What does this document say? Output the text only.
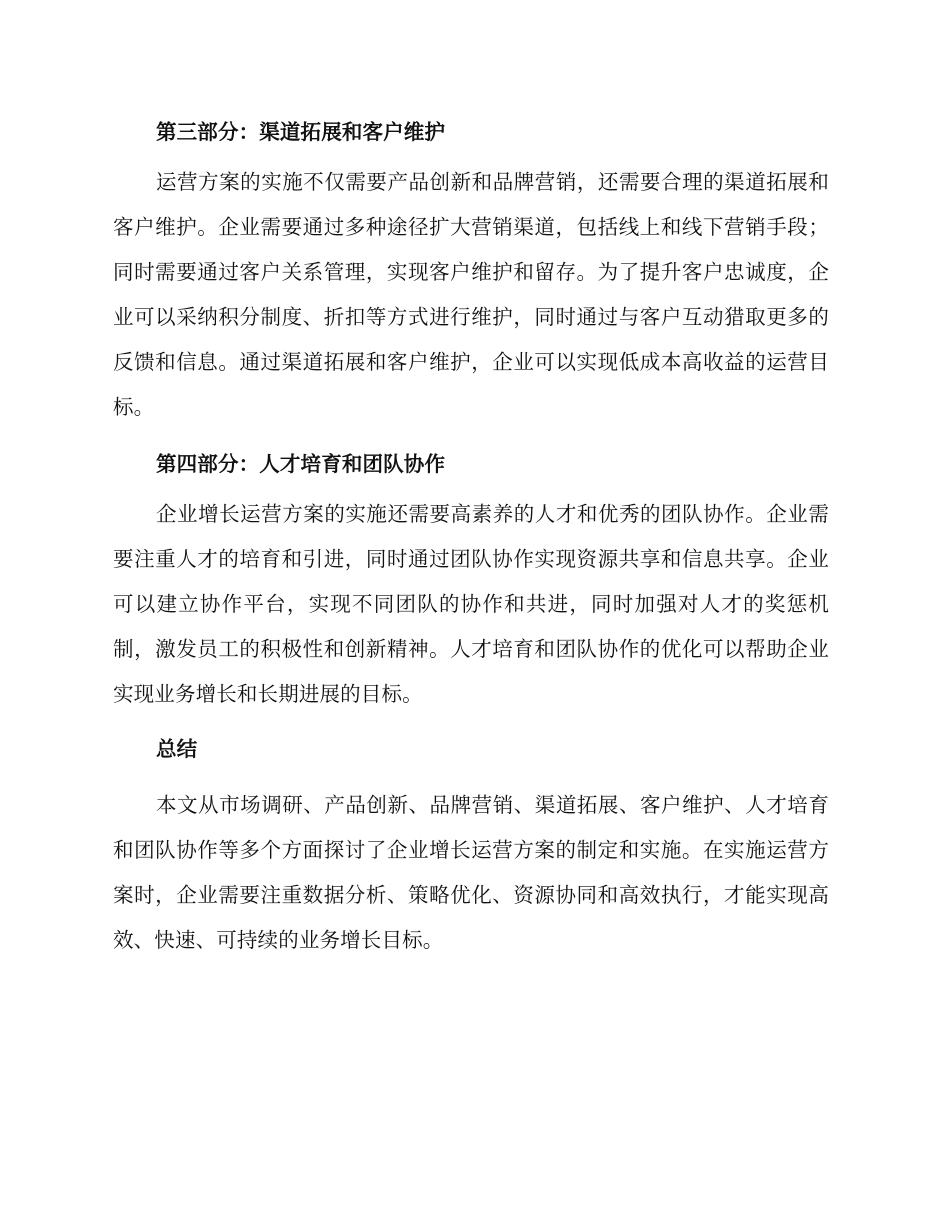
第三部分：渠道拓展和客户维护

运营方案的实施不仅需要产品创新和品牌营销，还需要合理的渠道拓展和客户维护。企业需要通过多种途径扩大营销渠道，包括线上和线下营销手段；同时需要通过客户关系管理，实现客户维护和留存。为了提升客户忠诚度，企业可以采纳积分制度、折扣等方式进行维护，同时通过与客户互动猎取更多的反馈和信息。通过渠道拓展和客户维护，企业可以实现低成本高收益的运营目标。

第四部分：人才培育和团队协作

企业增长运营方案的实施还需要高素养的人才和优秀的团队协作。企业需要注重人才的培育和引进，同时通过团队协作实现资源共享和信息共享。企业可以建立协作平台，实现不同团队的协作和共进，同时加强对人才的奖惩机制，激发员工的积极性和创新精神。人才培育和团队协作的优化可以帮助企业实现业务增长和长期进展的目标。

总结

本文从市场调研、产品创新、品牌营销、渠道拓展、客户维护、人才培育和团队协作等多个方面探讨了企业增长运营方案的制定和实施。在实施运营方案时，企业需要注重数据分析、策略优化、资源协同和高效执行，才能实现高效、快速、可持续的业务增长目标。
